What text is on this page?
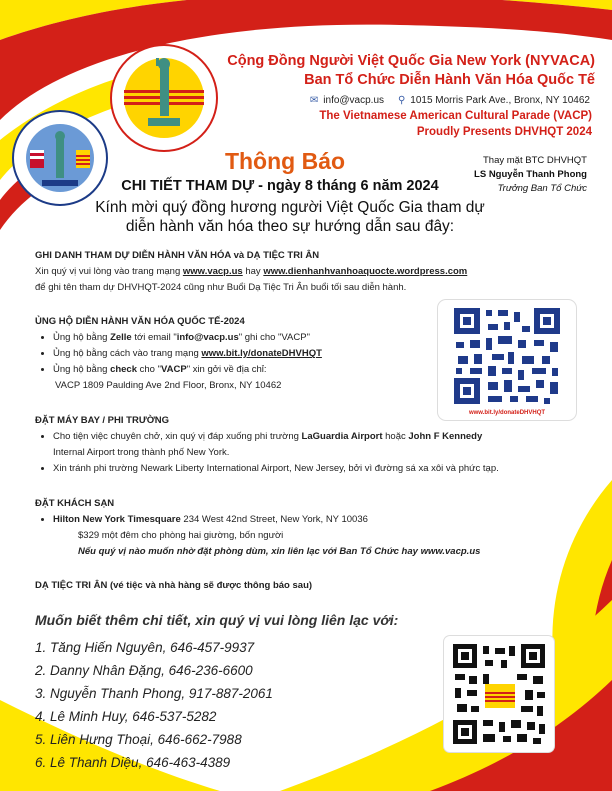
Cộng Đồng Người Việt Quốc Gia New York (NYVACA)
Ban Tổ Chức Diễn Hành Văn Hóa Quốc Tế
✉ info@vacp.us ⚲ 1015 Morris Park Ave., Bronx, NY 10462
The Vietnamese American Cultural Parade (VACP)
Proudly Presents DHVHQT 2024
Thông Báo	Thay mặt BTC DHVHQT
LS Nguyễn Thanh Phong
Trưởng Ban Tổ Chức
CHI TIẾT THAM DỰ - ngày 8 tháng 6 năm 2024
Kính mời quý đồng hương người Việt Quốc Gia tham dự
diễn hành văn hóa theo sự hướng dẫn sau đây:
GHI DANH THAM DỰ DIỄN HÀNH VĂN HÓA và DẠ TIỆC TRI ÂN
Xin quý vị vui lòng vào trang mạng www.vacp.us hay www.dienhanhvanhoaquocte.wordpress.com
để ghi tên tham dự DHVHQT-2024 cũng như Buổi Dạ Tiệc Tri Ân buổi tối sau diễn hành.
ỦNG HỘ DIỄN HÀNH VĂN HÓA QUỐC TẾ-2024
• Ủng hộ bằng Zelle tới email "info@vacp.us" ghi cho "VACP"
• Ủng hộ bằng cách vào trang mạng www.bit.ly/donateDHVHQT
• Ủng hộ bằng check cho "VACP" xin gởi về địa chỉ:
VACP 1809 Paulding Ave 2nd Floor, Bronx, NY 10462
www.bit.ly/donateDHVHQT
ĐẶT MÁY BAY / PHI TRƯỜNG
• Cho tiện việc chuyên chở, xin quý vị đáp xuống phi trường LaGuardia Airport hoặc John F Kennedy
Internal Airport trong thành phố New York.
• Xin tránh phi trường Newark Liberty International Airport, New Jersey, bởi vì đường sá xa xôi và phức tạp.
ĐẶT KHÁCH SẠN
• Hilton New York Timesquare 234 West 42nd Street, New York, NY 10036
$329 một đêm cho phòng hai giường, bốn người
Nếu quý vị nào muốn nhờ đặt phòng dùm, xin liên lạc với Ban Tổ Chức hay www.vacp.us
DẠ TIỆC TRI ÂN (vé tiệc và nhà hàng sẽ được thông báo sau)
Muốn biết thêm chi tiết, xin quý vị vui lòng liên lạc với:
1. Tăng Hiến Nguyên, 646-457-9937
2. Danny Nhân Đặng, 646-236-6600
3. Nguyễn Thanh Phong, 917-887-2061
4. Lê Minh Huy, 646-537-5282
5. Liên Hưng Thoại, 646-662-7988
6. Lê Thanh Diệu, 646-463-4389
